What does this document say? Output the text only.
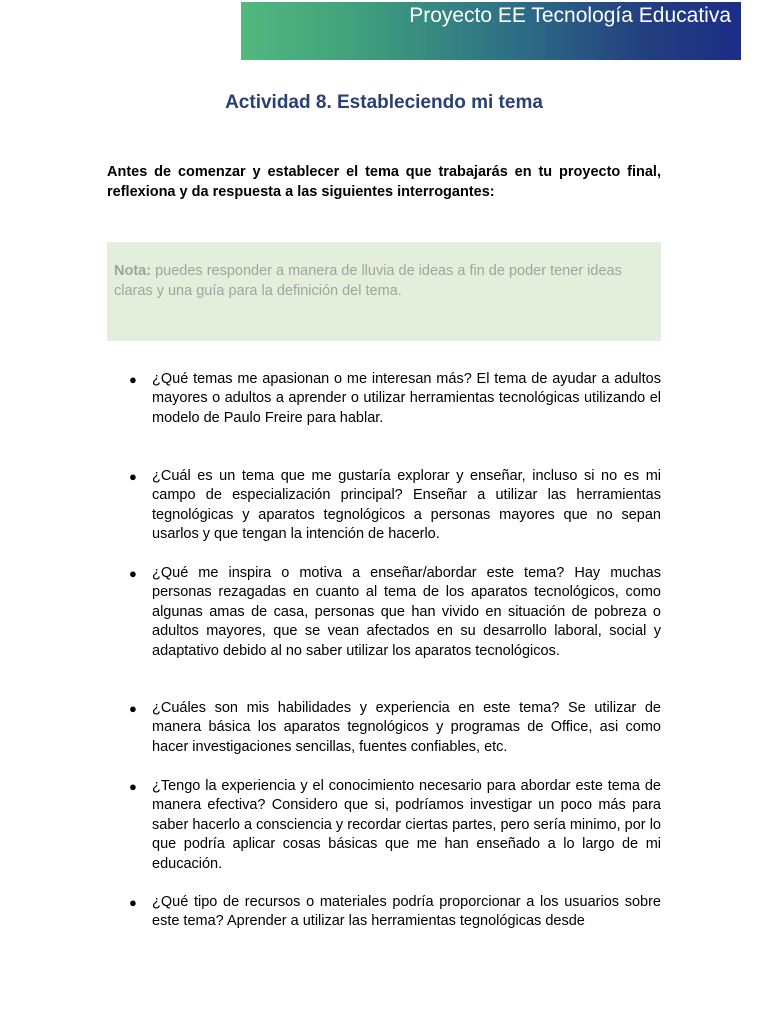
Proyecto EE Tecnología Educativa
Actividad 8. Estableciendo mi tema
Antes de comenzar y establecer el tema que trabajarás en tu proyecto final, reflexiona y da respuesta a las siguientes interrogantes:
Nota: puedes responder a manera de lluvia de ideas a fin de poder tener ideas claras y una guía para la definición del tema.
●	¿Qué temas me apasionan o me interesan más? El tema de ayudar a adultos mayores o adultos a aprender o utilizar herramientas tecnológicas utilizando el modelo de Paulo Freire para hablar.
●	¿Cuál es un tema que me gustaría explorar y enseñar, incluso si no es mi campo de especialización principal? Enseñar a utilizar las herramientas tegnológicas y aparatos tegnológicos a personas mayores que no sepan usarlos y que tengan la intención de hacerlo.
●	¿Qué me inspira o motiva a enseñar/abordar este tema? Hay muchas personas rezagadas en cuanto al tema de los aparatos tecnológicos, como algunas amas de casa, personas que han vivido en situación de pobreza o adultos mayores, que se vean afectados en su desarrollo laboral, social y adaptativo debido al no saber utilizar los aparatos tecnológicos.
●	¿Cuáles son mis habilidades y experiencia en este tema? Se utilizar de manera básica los aparatos tegnológicos y programas de Office, asi como hacer investigaciones sencillas, fuentes confiables, etc.
●	¿Tengo la experiencia y el conocimiento necesario para abordar este tema de manera efectiva? Considero que si, podríamos investigar un poco más para saber hacerlo a consciencia y recordar ciertas partes, pero sería minimo, por lo que podría aplicar cosas básicas que me han enseñado a lo largo de mi educación.
●	¿Qué tipo de recursos o materiales podría proporcionar a los usuarios sobre este tema? Aprender a utilizar las herramientas tegnológicas desde
